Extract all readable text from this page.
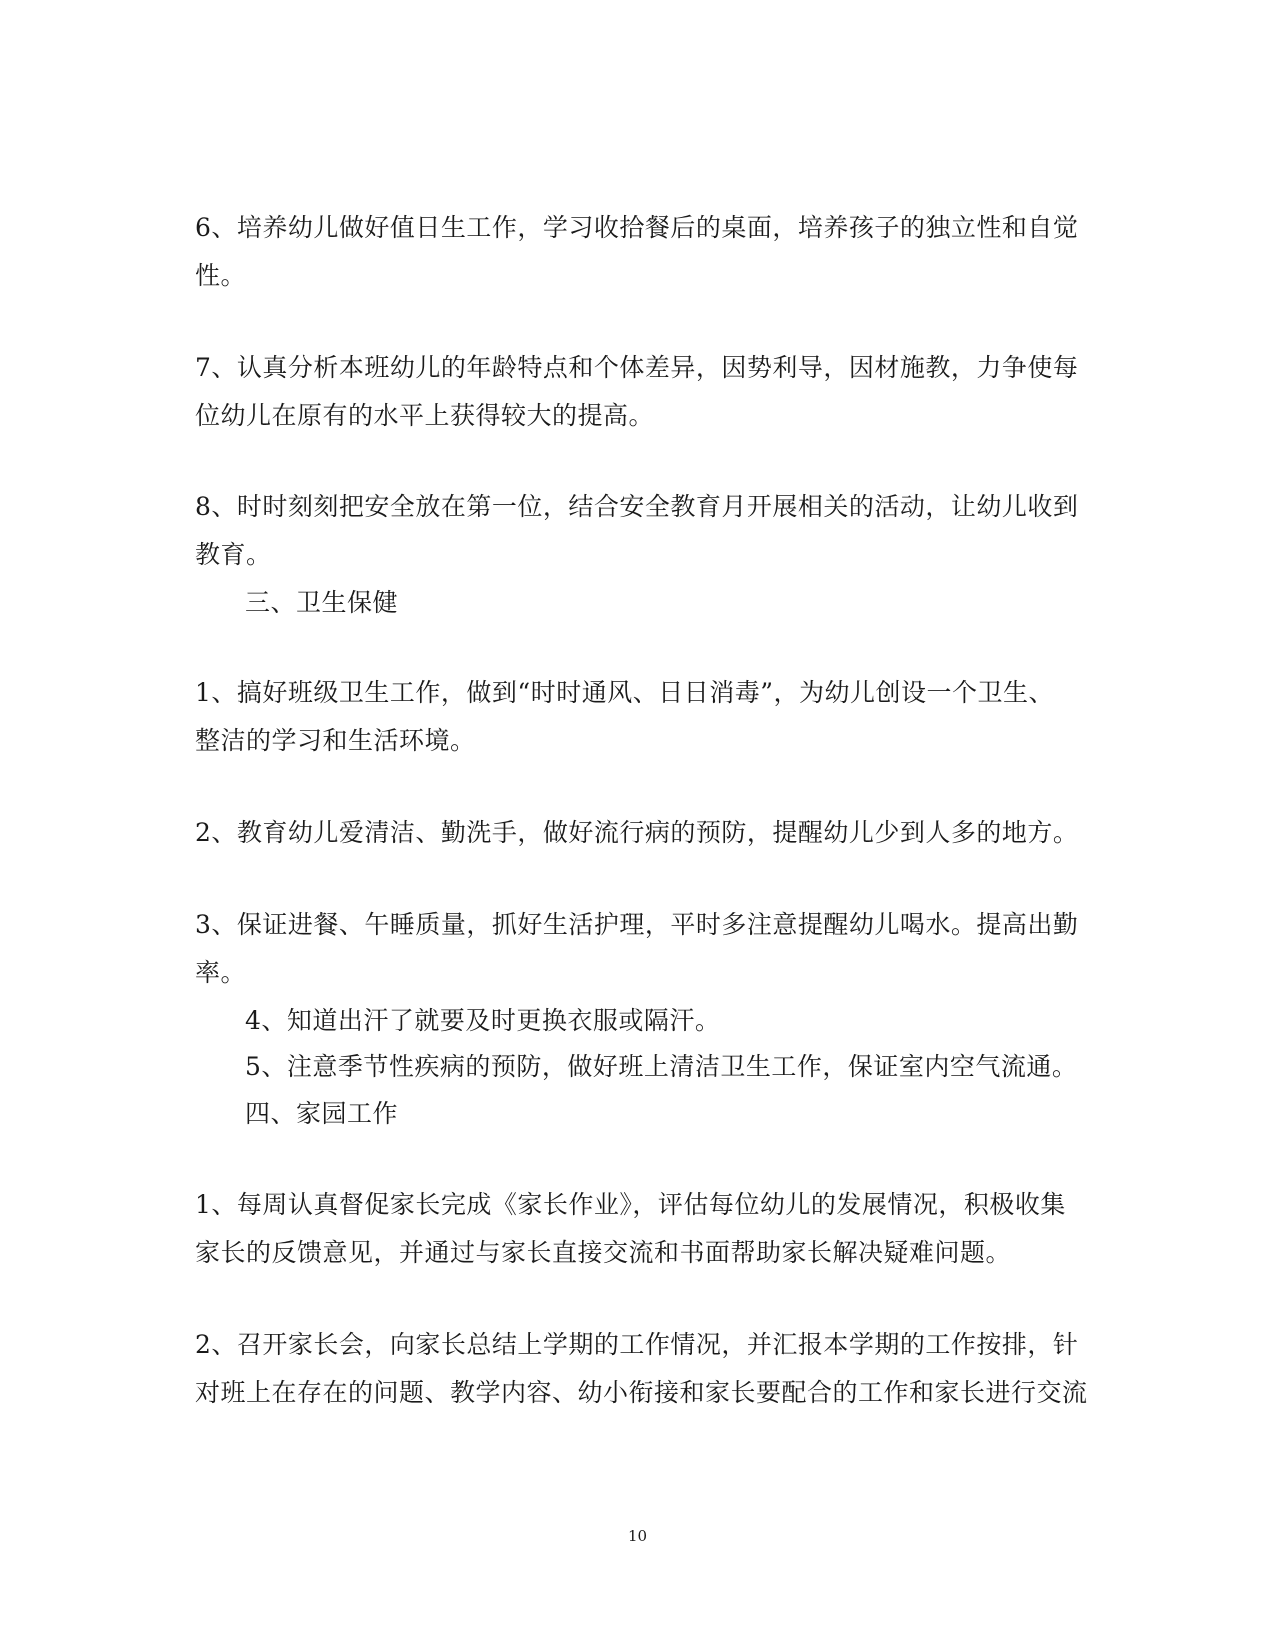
6、培养幼儿做好值日生工作，学习收拾餐后的桌面，培养孩子的独立性和自觉
性。
7、认真分析本班幼儿的年龄特点和个体差异，因势利导，因材施教，力争使每
位幼儿在原有的水平上获得较大的提高。
8、时时刻刻把安全放在第一位，结合安全教育月开展相关的活动，让幼儿收到
教育。
三、卫生保健
1、搞好班级卫生工作，做到“时时通风、日日消毒”，为幼儿创设一个卫生、
整洁的学习和生活环境。
2、教育幼儿爱清洁、勤洗手，做好流行病的预防，提醒幼儿少到人多的地方。
3、保证进餐、午睡质量，抓好生活护理，平时多注意提醒幼儿喝水。提高出勤
率。
4、知道出汗了就要及时更换衣服或隔汗。
5、注意季节性疾病的预防，做好班上清洁卫生工作，保证室内空气流通。
四、家园工作
1、每周认真督促家长完成《家长作业》，评估每位幼儿的发展情况，积极收集
家长的反馈意见，并通过与家长直接交流和书面帮助家长解决疑难问题。
2、召开家长会，向家长总结上学期的工作情况，并汇报本学期的工作按排，针
对班上在存在的问题、教学内容、幼小衔接和家长要配合的工作和家长进行交流
10
